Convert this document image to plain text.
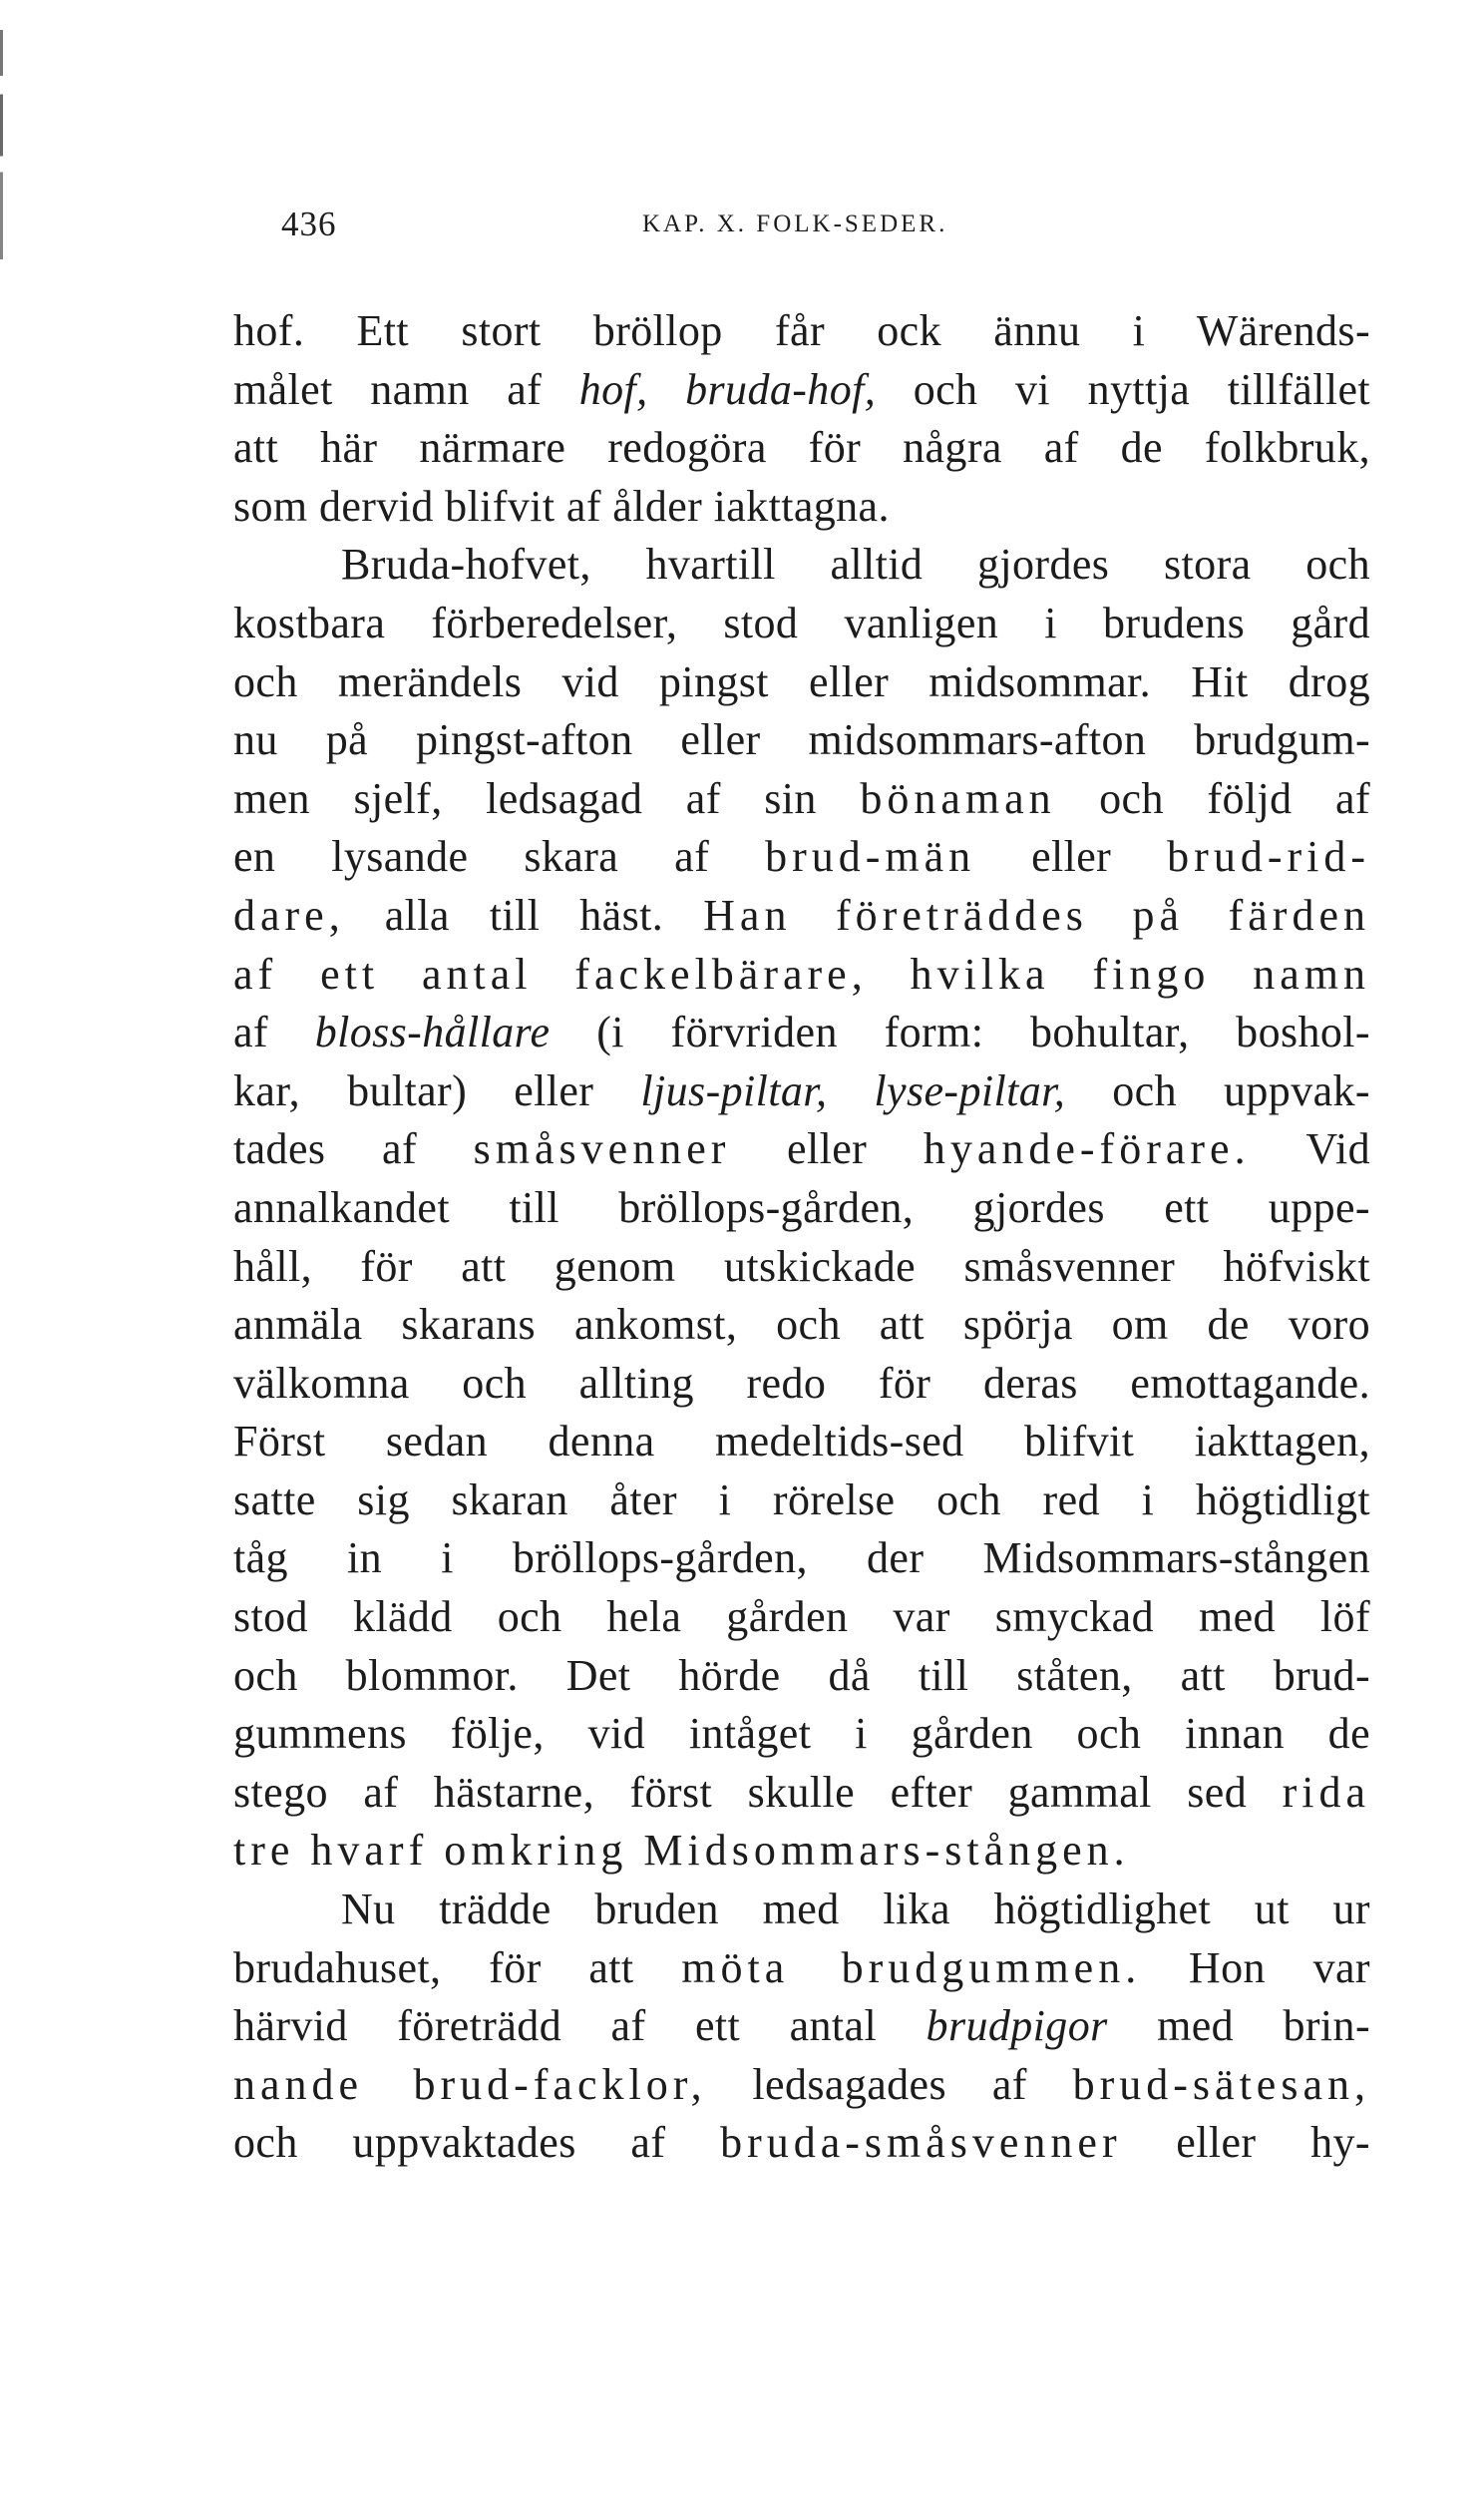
436	KAP. X. FOLK-SEDER.
hof. Ett stort bröllop får ock ännu i Wärends-
målet namn af hof, bruda-hof, och vi nyttja tillfället
att här närmare redogöra för några af de folkbruk,
som dervid blifvit af ålder iakttagna.
Bruda-hofvet, hvartill alltid gjordes stora och
kostbara förberedelser, stod vanligen i brudens gård
och merändels vid pingst eller midsommar. Hit drog
nu på pingst-afton eller midsommars-afton brudgum-
men sjelf, ledsagad af sin bönaman och följd af
en lysande skara af brud-män eller brud-rid-
dare, alla till häst. Han företräddes på färden
af ett antal fackelbärare, hvilka fingo namn
af bloss-hållare (i förvriden form: bohultar, boshol-
kar, bultar) eller ljus-piltar, lyse-piltar, och uppvak-
tades af småsvenner eller hyande-förare. Vid
annalkandet till bröllops-gården, gjordes ett uppe-
håll, för att genom utskickade småsvenner höfviskt
anmäla skarans ankomst, och att spörja om de voro
välkomna och allting redo för deras emottagande.
Först sedan denna medeltids-sed blifvit iakttagen,
satte sig skaran åter i rörelse och red i högtidligt
tåg in i bröllops-gården, der Midsommars-stången
stod klädd och hela gården var smyckad med löf
och blommor. Det hörde då till ståten, att brud-
gummens följe, vid intåget i gården och innan de
stego af hästarne, först skulle efter gammal sed rida
tre hvarf omkring Midsommars-stången.
Nu trädde bruden med lika högtidlighet ut ur
brudahuset, för att möta brudgummen. Hon var
härvid företrädd af ett antal brudpigor med brin-
nande brud-facklor, ledsagades af brud-sätesan,
och uppvaktades af bruda-småsvenner eller hy-
